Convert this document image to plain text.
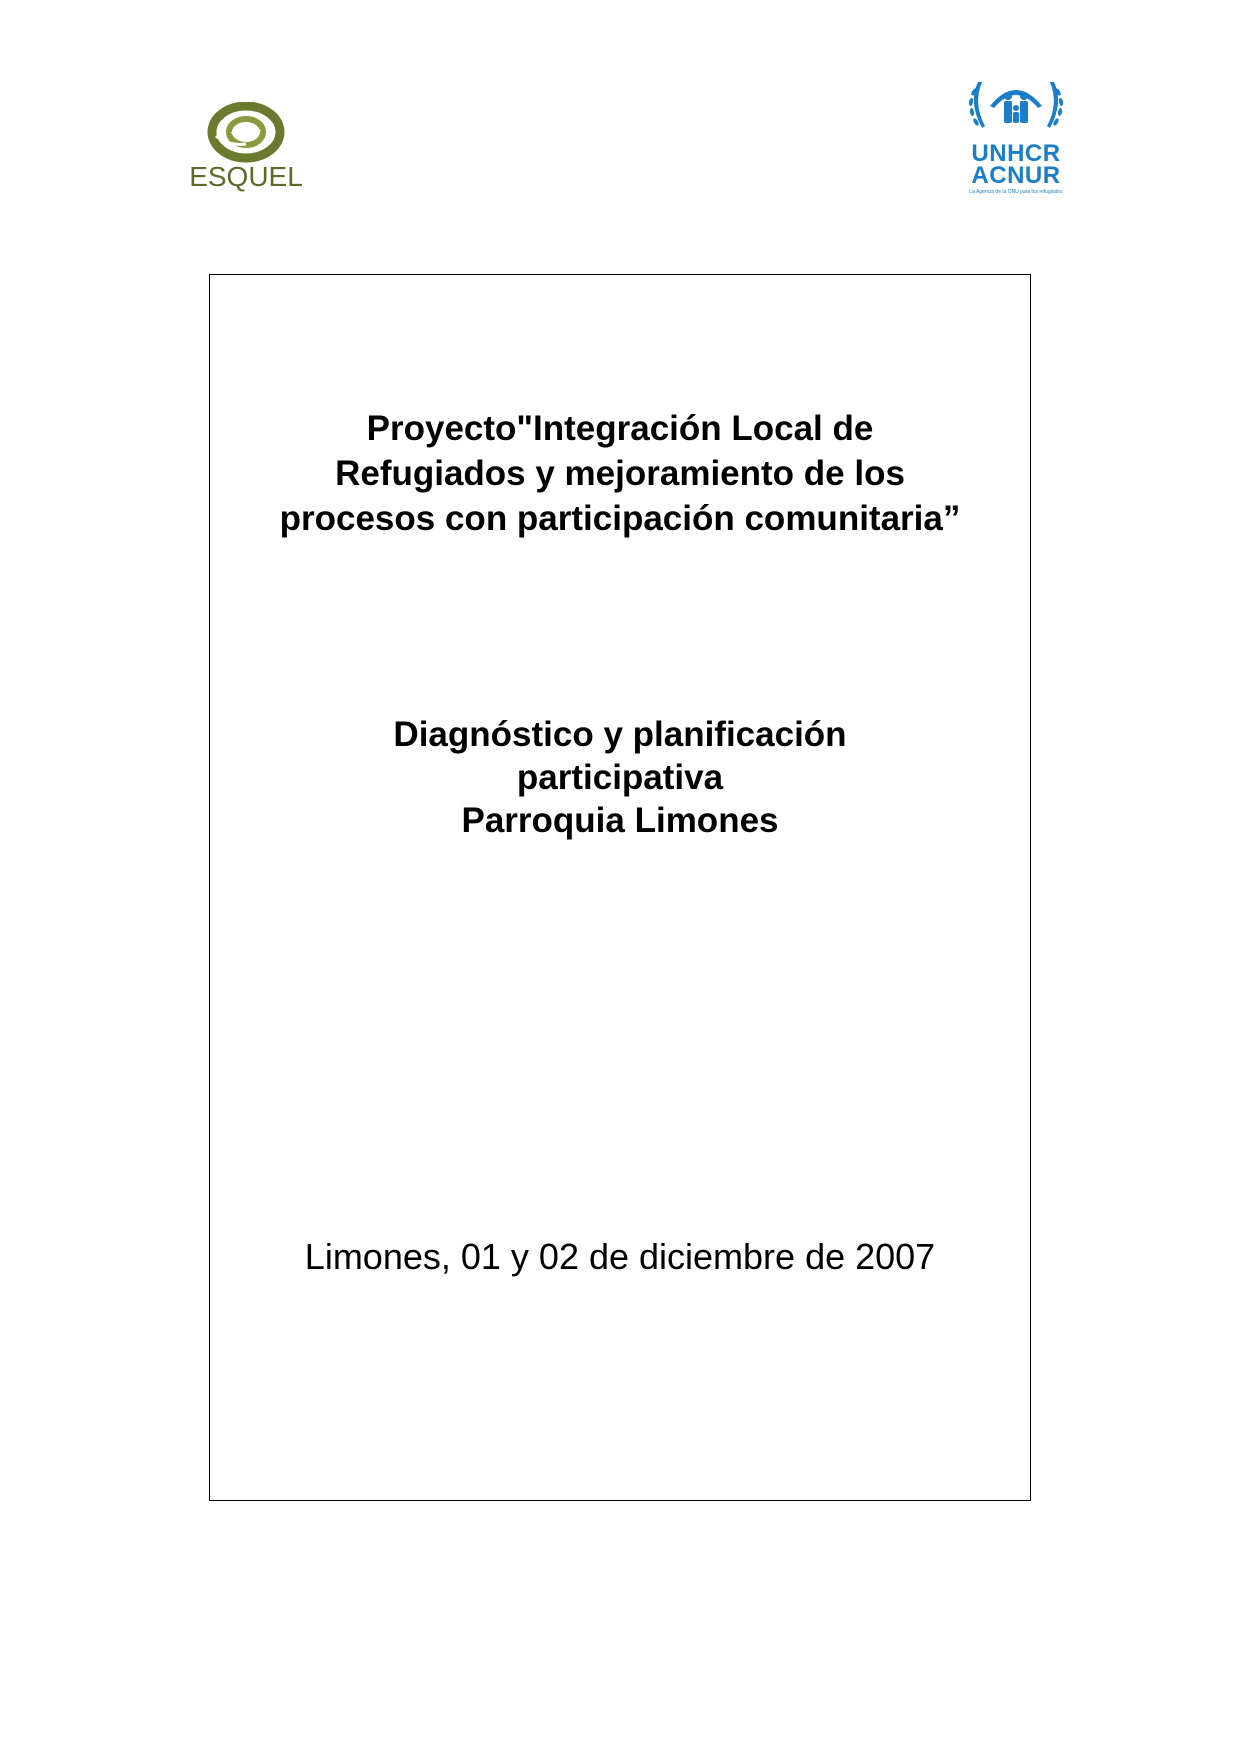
ESQUEL
UNHCR
ACNUR
La Agencia de la ONU para los refugiados
Proyecto"Integración Local de
Refugiados y mejoramiento de los
procesos con participación comunitaria”
Diagnóstico y planificación
participativa
Parroquia Limones
Limones, 01 y 02 de diciembre de 2007
